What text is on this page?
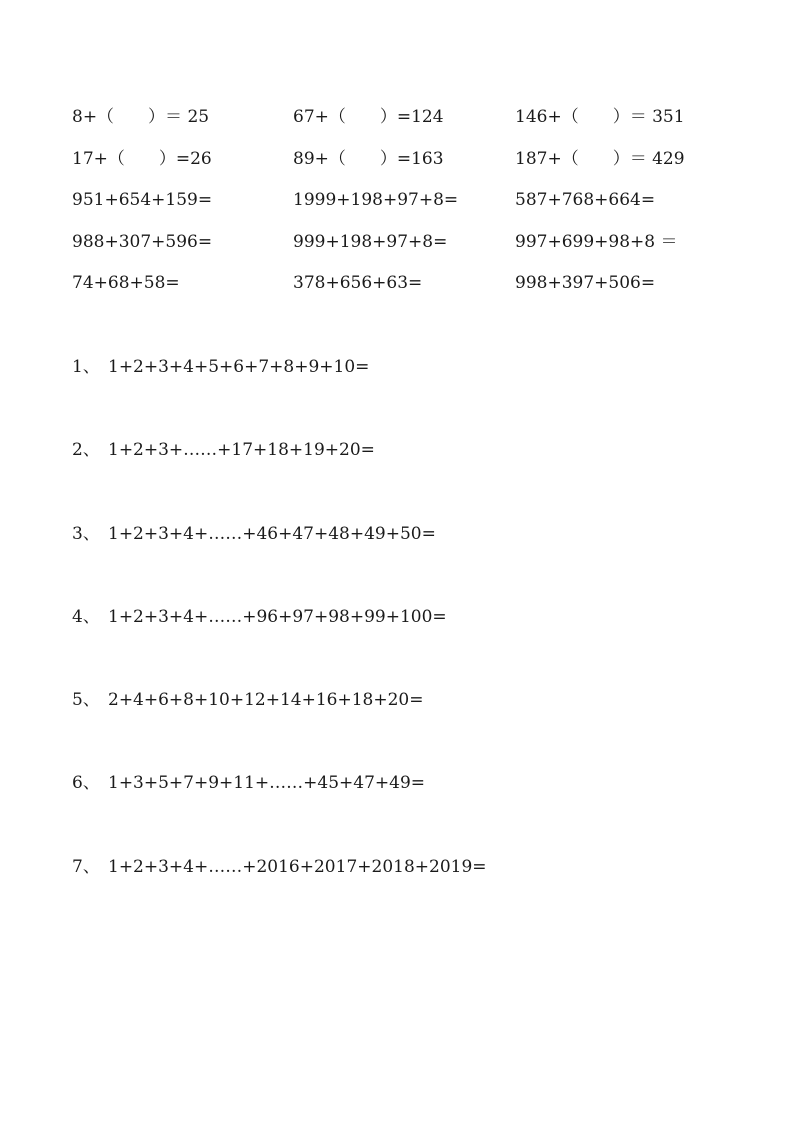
8+（　　）＝ 25	67+（　　）=124	146+（　　）＝ 351
17+（　　）=26	89+（　　）=163	187+（　　）＝ 429
951+654+159=	1999+198+97+8=	587+768+664=
988+307+596=	999+198+97+8=	997+699+98+8 ＝
74+68+58=	378+656+63=	998+397+506=
1、 1+2+3+4+5+6+7+8+9+10=
2、 1+2+3+……+17+18+19+20=
3、 1+2+3+4+……+46+47+48+49+50=
4、 1+2+3+4+……+96+97+98+99+100=
5、 2+4+6+8+10+12+14+16+18+20=
6、 1+3+5+7+9+11+……+45+47+49=
7、 1+2+3+4+……+2016+2017+2018+2019=
